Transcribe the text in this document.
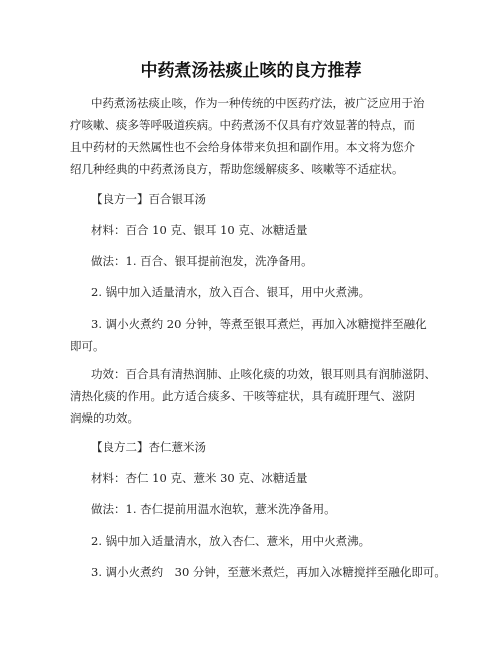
中药煮汤祛痰止咳的良方推荐
中药煮汤祛痰止咳，作为一种传统的中医药疗法，被广泛应用于治
疗咳嗽、痰多等呼吸道疾病。中药煮汤不仅具有疗效显著的特点，而
且中药材的天然属性也不会给身体带来负担和副作用。本文将为您介
绍几种经典的中药煮汤良方，帮助您缓解痰多、咳嗽等不适症状。
【良方一】百合银耳汤
材料：百合 10 克、银耳 10 克、冰糖适量
做法：1. 百合、银耳提前泡发，洗净备用。
2. 锅中加入适量清水，放入百合、银耳，用中火煮沸。
3. 调小火煮约 20 分钟，等煮至银耳煮烂，再加入冰糖搅拌至融化
即可。
功效：百合具有清热润肺、止咳化痰的功效，银耳则具有润肺滋阴、
清热化痰的作用。此方适合痰多、干咳等症状，具有疏肝理气、滋阴
润燥的功效。
【良方二】杏仁薏米汤
材料：杏仁 10 克、薏米 30 克、冰糖适量
做法：1. 杏仁提前用温水泡软，薏米洗净备用。
2. 锅中加入适量清水，放入杏仁、薏米，用中火煮沸。
3. 调小火煮约　30 分钟，至薏米煮烂，再加入冰糖搅拌至融化即可。
